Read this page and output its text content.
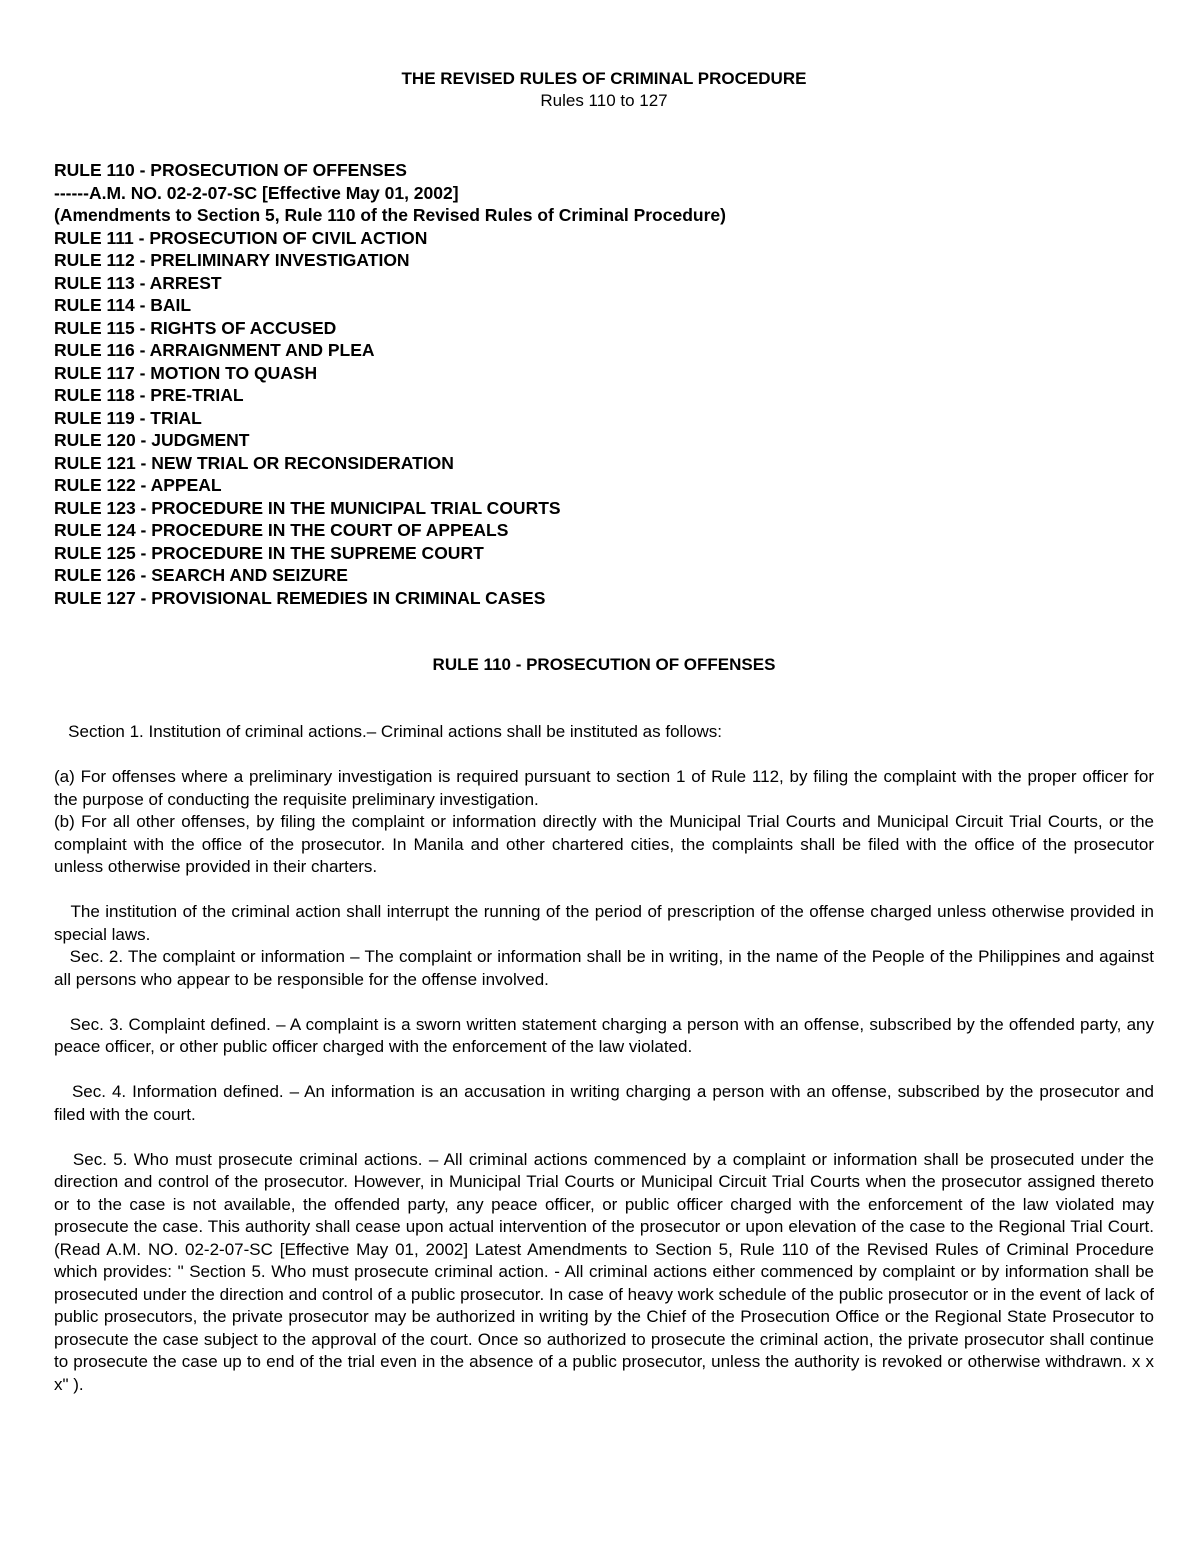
THE REVISED RULES OF CRIMINAL PROCEDURE

Rules 110 to 127

RULE 110 - PROSECUTION OF OFFENSES
------A.M. NO. 02-2-07-SC [Effective May 01, 2002]
(Amendments to Section 5, Rule 110 of the Revised Rules of Criminal Procedure)
RULE 111 - PROSECUTION OF CIVIL ACTION
RULE 112 - PRELIMINARY INVESTIGATION
RULE 113 - ARREST
RULE 114 - BAIL
RULE 115 - RIGHTS OF ACCUSED
RULE 116 - ARRAIGNMENT AND PLEA
RULE 117 - MOTION TO QUASH
RULE 118 - PRE-TRIAL
RULE 119 - TRIAL
RULE 120 - JUDGMENT
RULE 121 - NEW TRIAL OR RECONSIDERATION
RULE 122 - APPEAL
RULE 123 - PROCEDURE IN THE MUNICIPAL TRIAL COURTS
RULE 124 - PROCEDURE IN THE COURT OF APPEALS
RULE 125 - PROCEDURE IN THE SUPREME COURT
RULE 126 - SEARCH AND SEIZURE
RULE 127 - PROVISIONAL REMEDIES IN CRIMINAL CASES

RULE 110 - PROSECUTION OF OFFENSES

Section 1. Institution of criminal actions.– Criminal actions shall be instituted as follows:

(a) For offenses where a preliminary investigation is required pursuant to section 1 of Rule 112, by filing the complaint with the proper officer for the purpose of conducting the requisite preliminary investigation.

(b) For all other offenses, by filing the complaint or information directly with the Municipal Trial Courts and Municipal Circuit Trial Courts, or the complaint with the office of the prosecutor. In Manila and other chartered cities, the complaints shall be filed with the office of the prosecutor unless otherwise provided in their charters.

The institution of the criminal action shall interrupt the running of the period of prescription of the offense charged unless otherwise provided in special laws.

Sec. 2. The complaint or information – The complaint or information shall be in writing, in the name of the People of the Philippines and against all persons who appear to be responsible for the offense involved.

Sec. 3. Complaint defined. – A complaint is a sworn written statement charging a person with an offense, subscribed by the offended party, any peace officer, or other public officer charged with the enforcement of the law violated.

Sec. 4. Information defined. – An information is an accusation in writing charging a person with an offense, subscribed by the prosecutor and filed with the court.

Sec. 5. Who must prosecute criminal actions. – All criminal actions commenced by a complaint or information shall be prosecuted under the direction and control of the prosecutor. However, in Municipal Trial Courts or Municipal Circuit Trial Courts when the prosecutor assigned thereto or to the case is not available, the offended party, any peace officer, or public officer charged with the enforcement of the law violated may prosecute the case. This authority shall cease upon actual intervention of the prosecutor or upon elevation of the case to the Regional Trial Court. (Read A.M. NO. 02-2-07-SC [Effective May 01, 2002] Latest Amendments to Section 5, Rule 110 of the Revised Rules of Criminal Procedure which provides: " Section 5. Who must prosecute criminal action. - All criminal actions either commenced by complaint or by information shall be prosecuted under the direction and control of a public prosecutor. In case of heavy work schedule of the public prosecutor or in the event of lack of public prosecutors, the private prosecutor may be authorized in writing by the Chief of the Prosecution Office or the Regional State Prosecutor to prosecute the case subject to the approval of the court. Once so authorized to prosecute the criminal action, the private prosecutor shall continue to prosecute the case up to end of the trial even in the absence of a public prosecutor, unless the authority is revoked or otherwise withdrawn. x x x" ).
